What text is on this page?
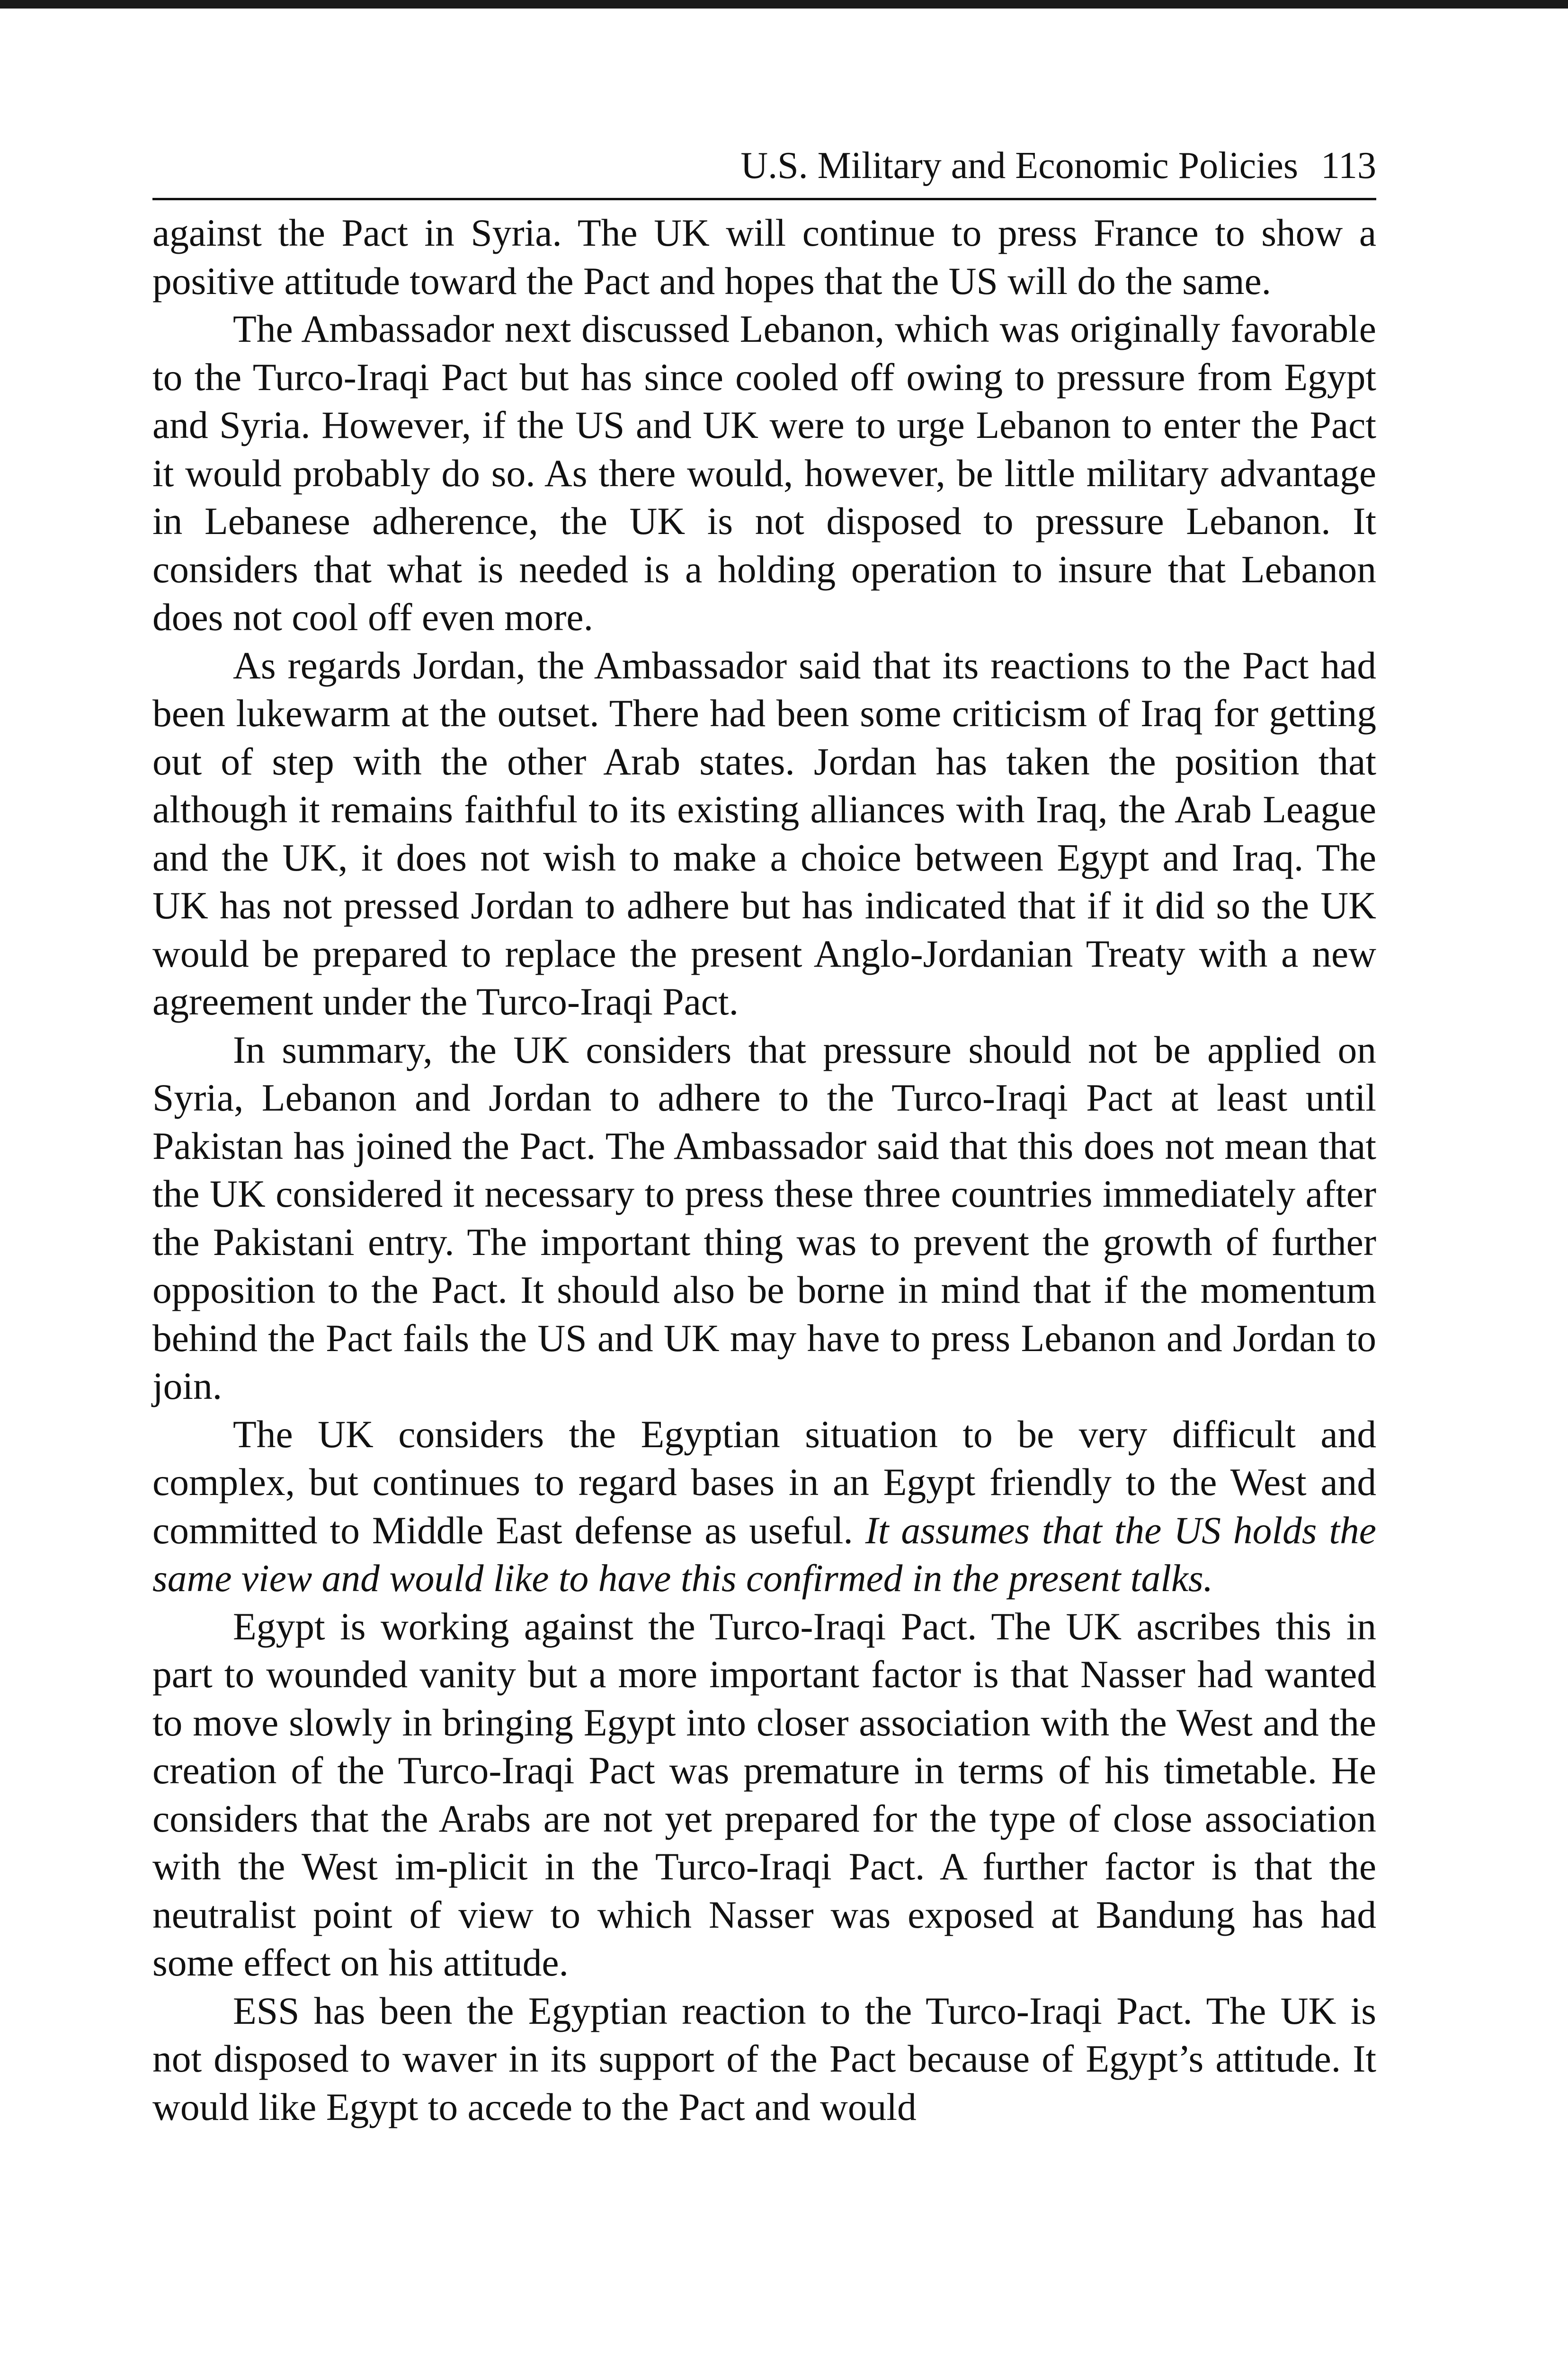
U.S. Military and Economic Policies 113

against the Pact in Syria. The UK will continue to press France to show a positive attitude toward the Pact and hopes that the US will do the same.

The Ambassador next discussed Lebanon, which was originally favorable to the Turco-Iraqi Pact but has since cooled off owing to pressure from Egypt and Syria. However, if the US and UK were to urge Lebanon to enter the Pact it would probably do so. As there would, however, be little military advantage in Lebanese adherence, the UK is not disposed to pressure Lebanon. It considers that what is needed is a holding operation to insure that Lebanon does not cool off even more.

As regards Jordan, the Ambassador said that its reactions to the Pact had been lukewarm at the outset. There had been some criticism of Iraq for getting out of step with the other Arab states. Jordan has taken the position that although it remains faithful to its existing alliances with Iraq, the Arab League and the UK, it does not wish to make a choice between Egypt and Iraq. The UK has not pressed Jordan to adhere but has indicated that if it did so the UK would be prepared to replace the present Anglo-Jordanian Treaty with a new agreement under the Turco-Iraqi Pact.

In summary, the UK considers that pressure should not be applied on Syria, Lebanon and Jordan to adhere to the Turco-Iraqi Pact at least until Pakistan has joined the Pact. The Ambassador said that this does not mean that the UK considered it necessary to press these three countries immediately after the Pakistani entry. The important thing was to prevent the growth of further opposition to the Pact. It should also be borne in mind that if the momentum behind the Pact fails the US and UK may have to press Lebanon and Jordan to join.

The UK considers the Egyptian situation to be very difficult and complex, but continues to regard bases in an Egypt friendly to the West and committed to Middle East defense as useful. It assumes that the US holds the same view and would like to have this confirmed in the present talks.

Egypt is working against the Turco-Iraqi Pact. The UK ascribes this in part to wounded vanity but a more important factor is that Nasser had wanted to move slowly in bringing Egypt into closer association with the West and the creation of the Turco-Iraqi Pact was premature in terms of his timetable. He considers that the Arabs are not yet prepared for the type of close association with the West im-plicit in the Turco-Iraqi Pact. A further factor is that the neutralist point of view to which Nasser was exposed at Bandung has had some effect on his attitude.

ESS has been the Egyptian reaction to the Turco-Iraqi Pact. The UK is not disposed to waver in its support of the Pact because of Egypt’s attitude. It would like Egypt to accede to the Pact and would
